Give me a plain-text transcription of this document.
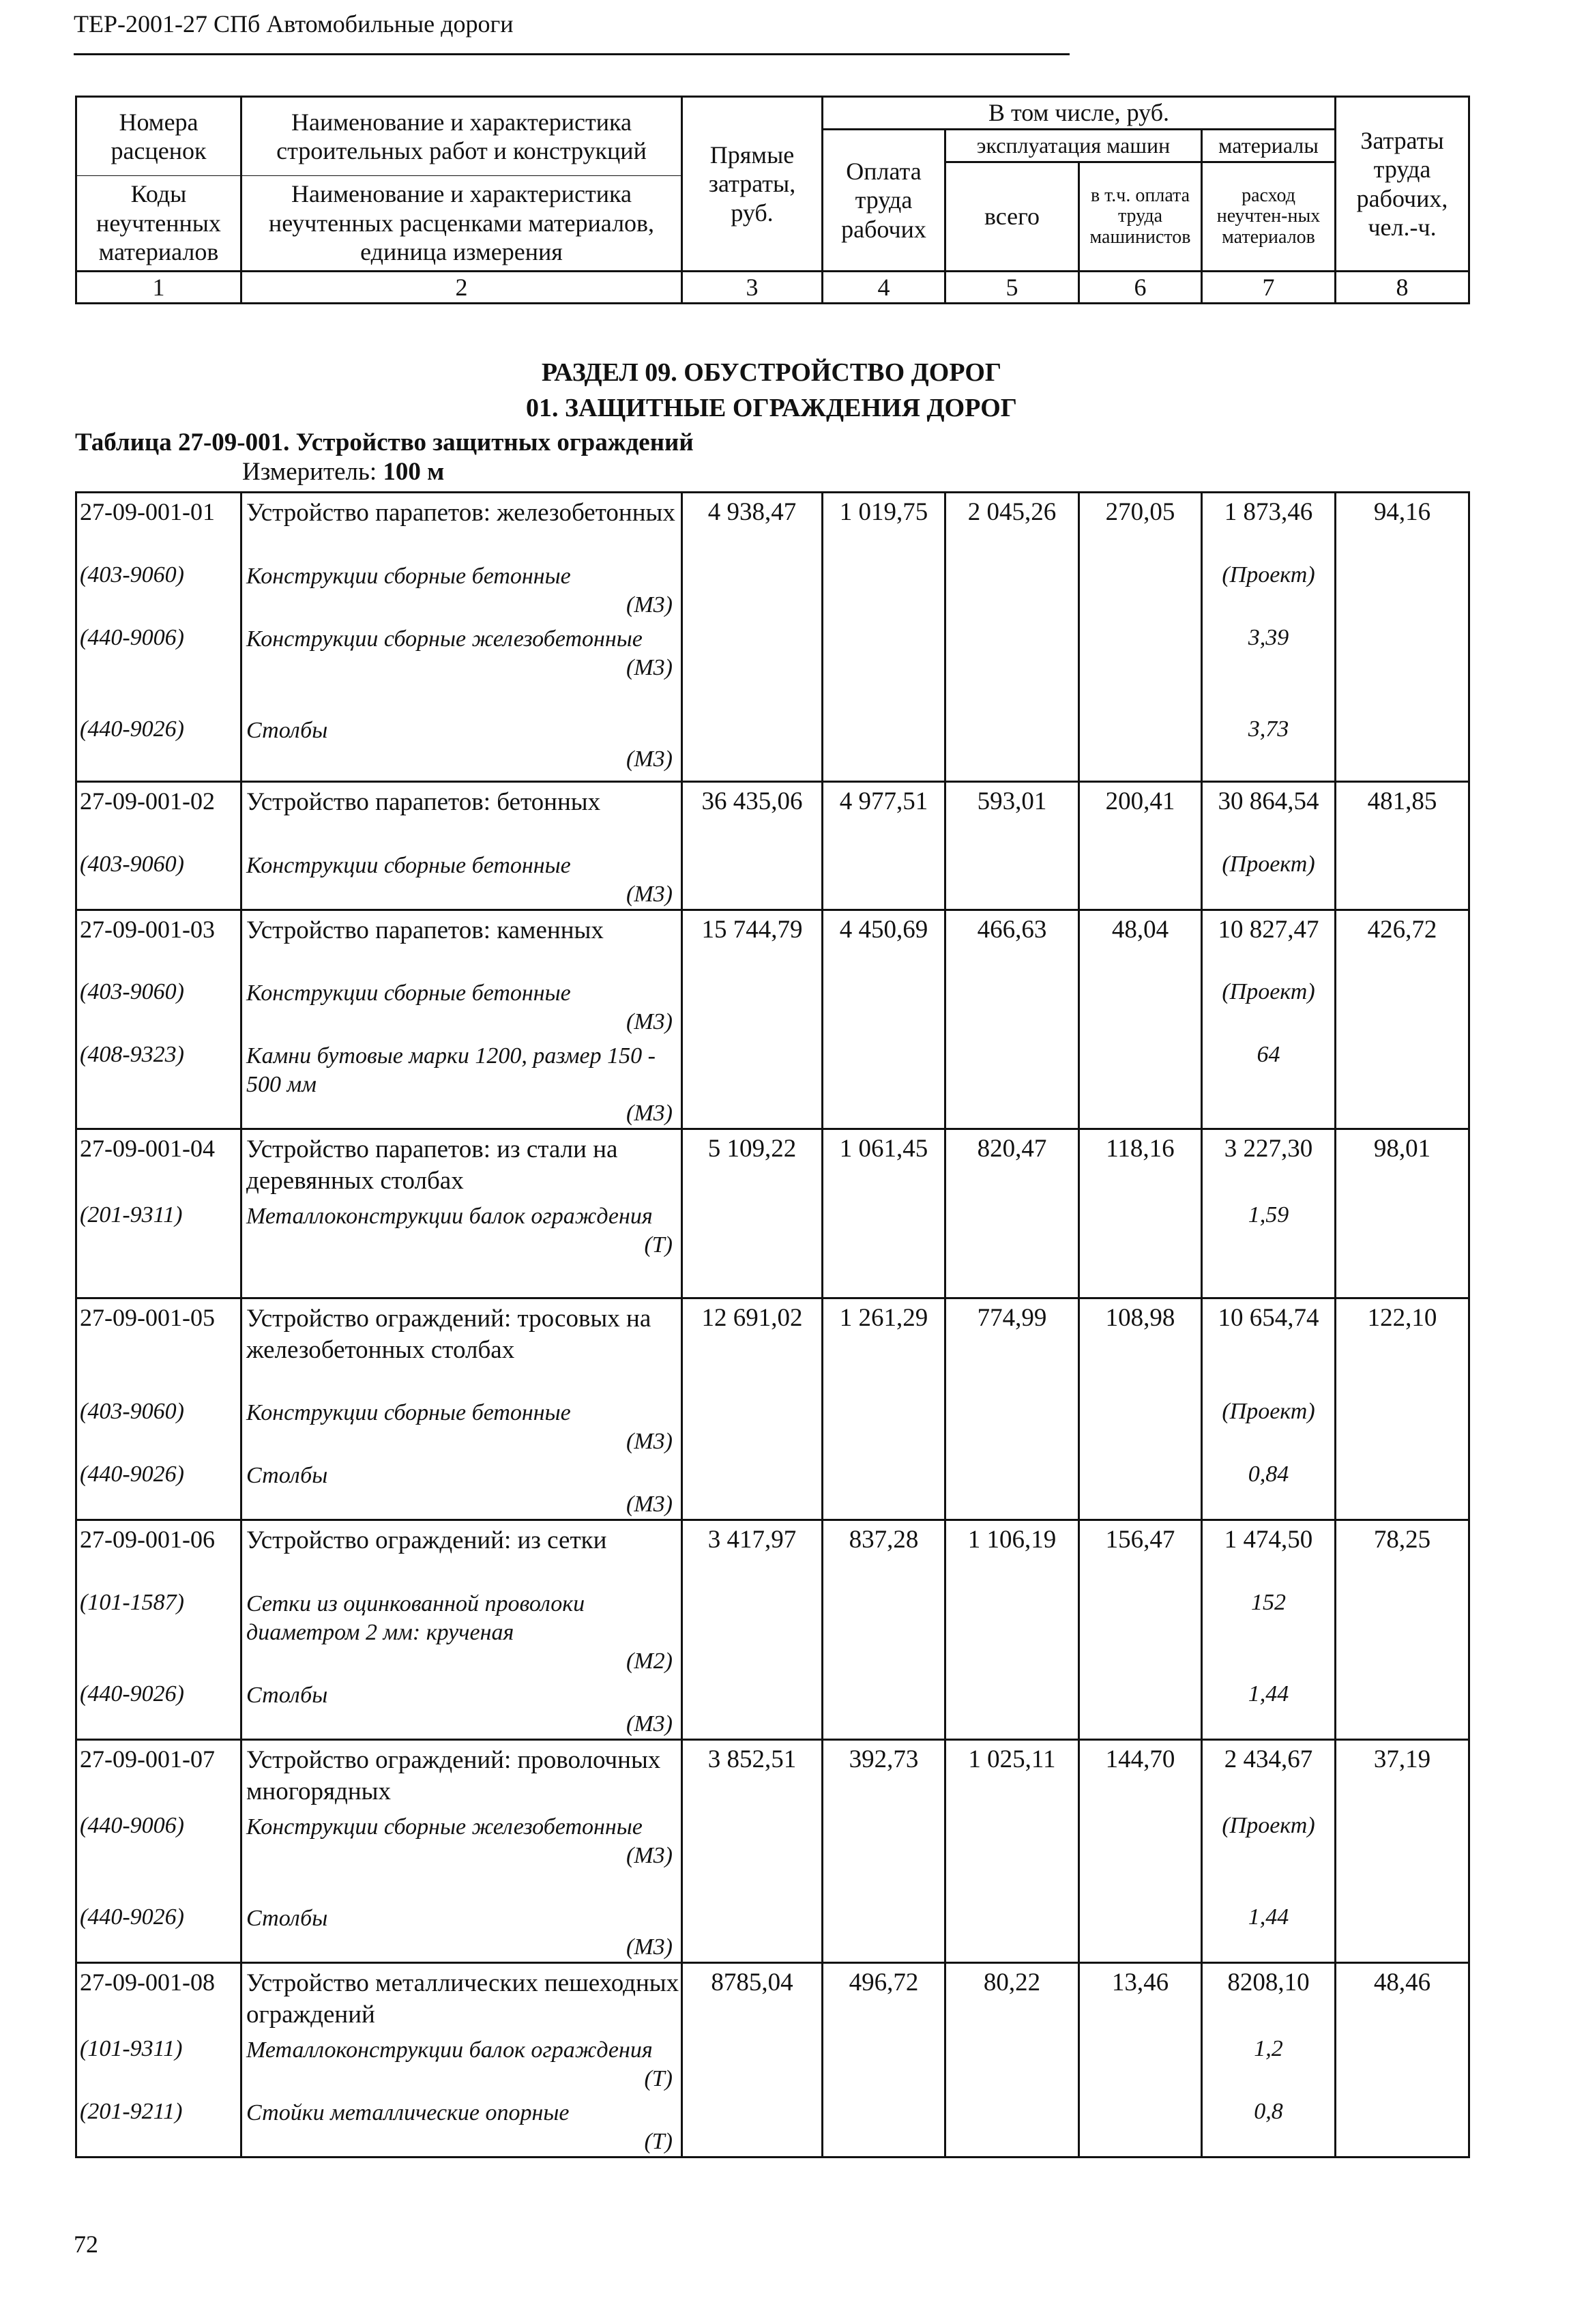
ТЕР-2001-27 СПб Автомобильные дороги
Номера расценок	Наименование и характеристика строительных работ и конструкций	Прямые затраты, руб.	В том числе, руб.				Затраты труда рабочих, чел.-ч.
			Оплата труда рабочих	эксплуатация машин		материалы	
				всего	в т.ч. оплата труда машинистов	расход неучтен-ных материалов	
Коды неучтенных материалов	Наименование и характеристика неучтенных расценками материалов, единица измерения						

1	2	3	4	5	6	7	8
РАЗДЕЛ 09. ОБУСТРОЙСТВО ДОРОГ
01. ЗАЩИТНЫЕ ОГРАЖДЕНИЯ ДОРОГ
Таблица 27-09-001. Устройство защитных ограждений
Измеритель: 100 м
27-09-001-01	Устройство парапетов: железобетонных	4 938,47	1 019,75	2 045,26	270,05	1 873,46	94,16
(403-9060)	Конструкции сборные бетонные
(М3)					(Проект)	
(440-9006)	Конструкции сборные железобетонные
(М3)					3,39	
(440-9026)	Столбы
(М3)					3,73	
27-09-001-02	Устройство парапетов: бетонных	36 435,06	4 977,51	593,01	200,41	30 864,54	481,85
(403-9060)	Конструкции сборные бетонные
(М3)					(Проект)	
27-09-001-03	Устройство парапетов: каменных	15 744,79	4 450,69	466,63	48,04	10 827,47	426,72
(403-9060)	Конструкции сборные бетонные
(М3)					(Проект)	
(408-9323)	Камни бутовые марки 1200, размер 150 - 500 мм
(М3)					64	
27-09-001-04	Устройство парапетов: из стали на деревянных столбах	5 109,22	1 061,45	820,47	118,16	3 227,30	98,01
(201-9311)	Металлоконструкции балок ограждения
(Т)					1,59	
27-09-001-05	Устройство ограждений: тросовых на железобетонных столбах	12 691,02	1 261,29	774,99	108,98	10 654,74	122,10
(403-9060)	Конструкции сборные бетонные
(М3)					(Проект)	
(440-9026)	Столбы
(М3)					0,84	
27-09-001-06	Устройство ограждений: из сетки	3 417,97	837,28	1 106,19	156,47	1 474,50	78,25
(101-1587)	Сетки из оцинкованной проволоки диаметром 2 мм: крученая
(М2)					152	
(440-9026)	Столбы
(М3)					1,44	
27-09-001-07	Устройство ограждений: проволочных многорядных	3 852,51	392,73	1 025,11	144,70	2 434,67	37,19
(440-9006)	Конструкции сборные железобетонные
(М3)					(Проект)	
(440-9026)	Столбы
(М3)					1,44	
27-09-001-08	Устройство металлических пешеходных ограждений	8785,04	496,72	80,22	13,46	8208,10	48,46
(101-9311)	Металлоконструкции балок ограждения
(Т)					1,2	
(201-9211)	Стойки металлические опорные
(Т)					0,8	
72
